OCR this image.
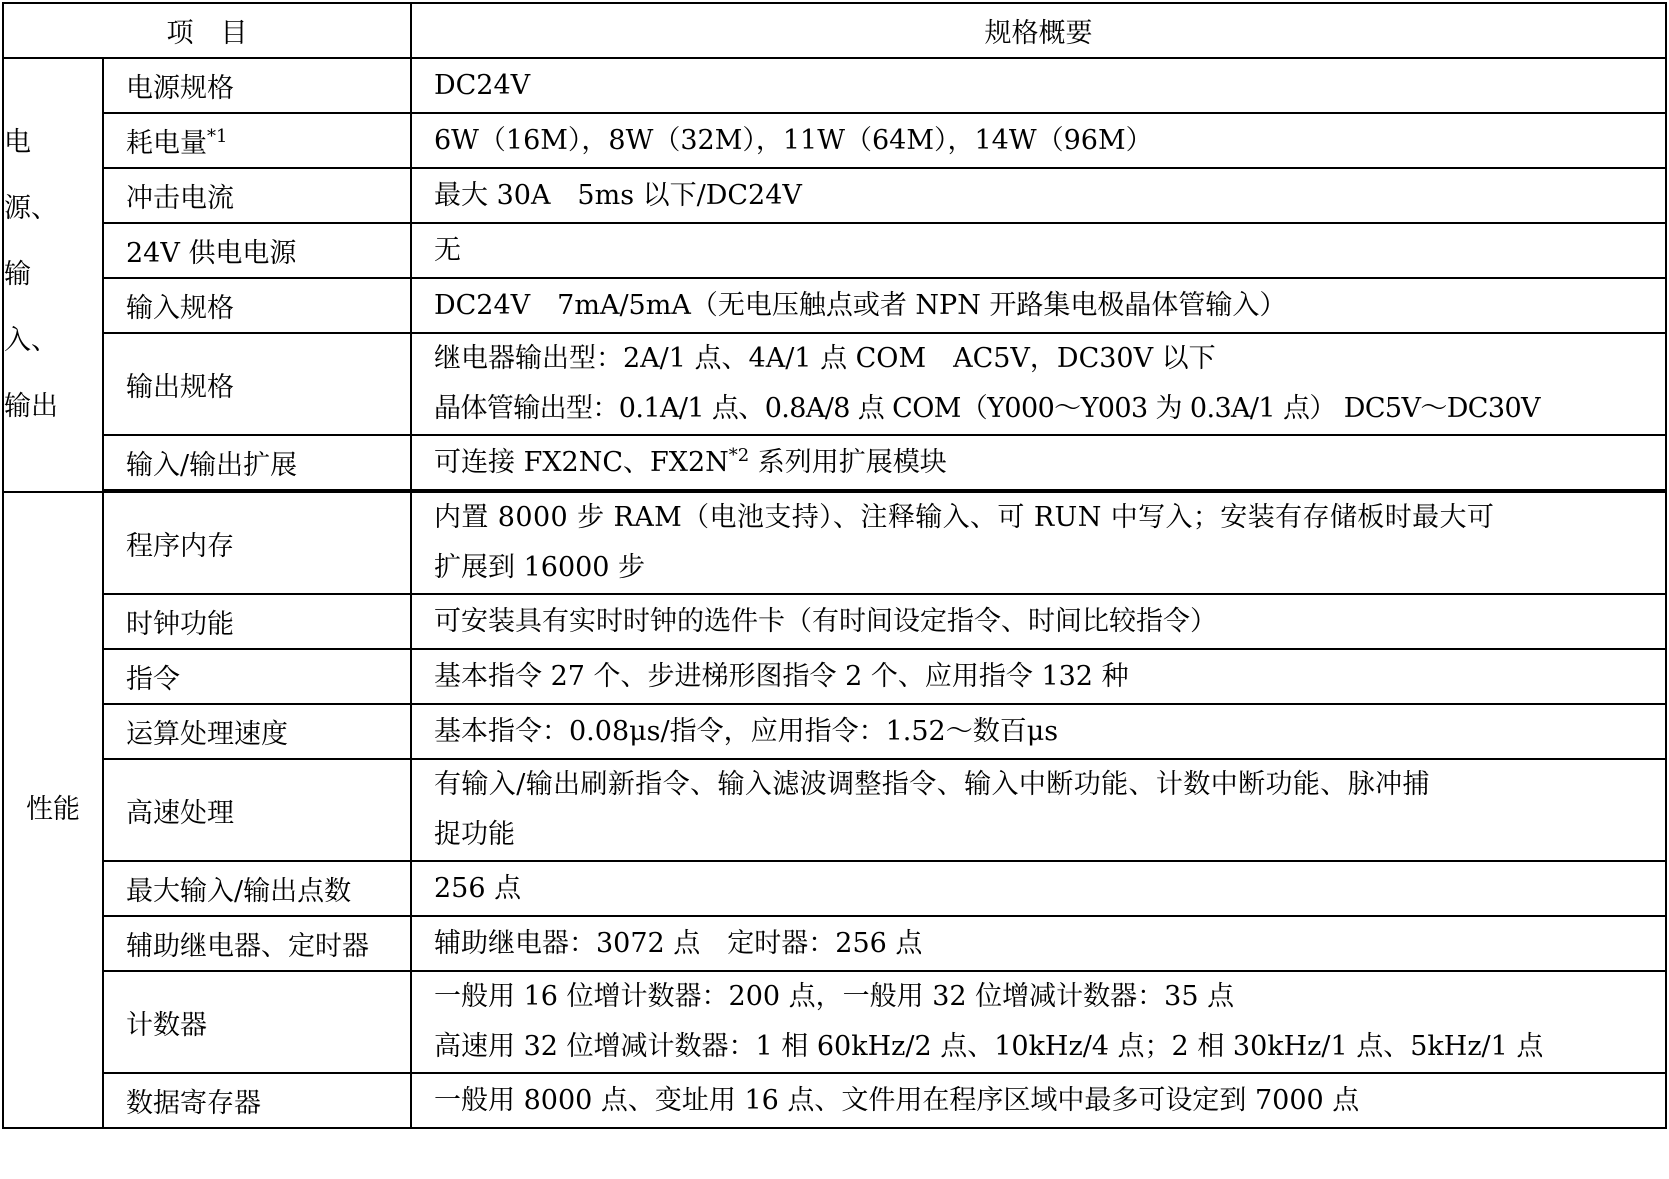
项　目		规格概要

电源、输入、输出	电源规格	DC24V
	耗电量$^{*1}$	6W（16M），8W（32M），11W（64M），14W（96M）
	冲击电流	最大 30A　5ms 以下/DC24V
	24V 供电电源	无
	输入规格	DC24V　7mA/5mA（无电压触点或者 NPN 开路集电极晶体管输入）
	输出规格	继电器输出型：2A/1 点、4A/1 点 COM　AC5V，DC30V 以下
晶体管输出型：0.1A/1 点、0.8A/8 点 COM（Y000～Y003 为 0.3A/1 点） DC5V～DC30V

	输入/输出扩展	可连接 FX2NC、$FX2N^{*2}$ 系列用扩展模块

性能	程序内存	内置 8000 步 RAM（电池支持）、注释输入、可 RUN 中写入；安装有存储板时最大可
扩展到 16000 步

	时钟功能	可安装具有实时时钟的选件卡（有时间设定指令、时间比较指令）
	指令	基本指令 27 个、步进梯形图指令 2 个、应用指令 132 种
	运算处理速度	基本指令：0.08μs/指令，应用指令：1.52～数百μs
	高速处理	有输入/输出刷新指令、输入滤波调整指令、输入中断功能、计数中断功能、脉冲捕
捉功能

	最大输入/输出点数	256 点
	辅助继电器、定时器	辅助继电器：3072 点　定时器：256 点
	计数器	一般用 16 位增计数器：200 点，一般用 32 位增减计数器：35 点
高速用 32 位增减计数器：1 相 60kHz/2 点、10kHz/4 点；2 相 30kHz/1 点、5kHz/1 点

	数据寄存器	一般用 8000 点、变址用 16 点、文件用在程序区域中最多可设定到 7000 点
